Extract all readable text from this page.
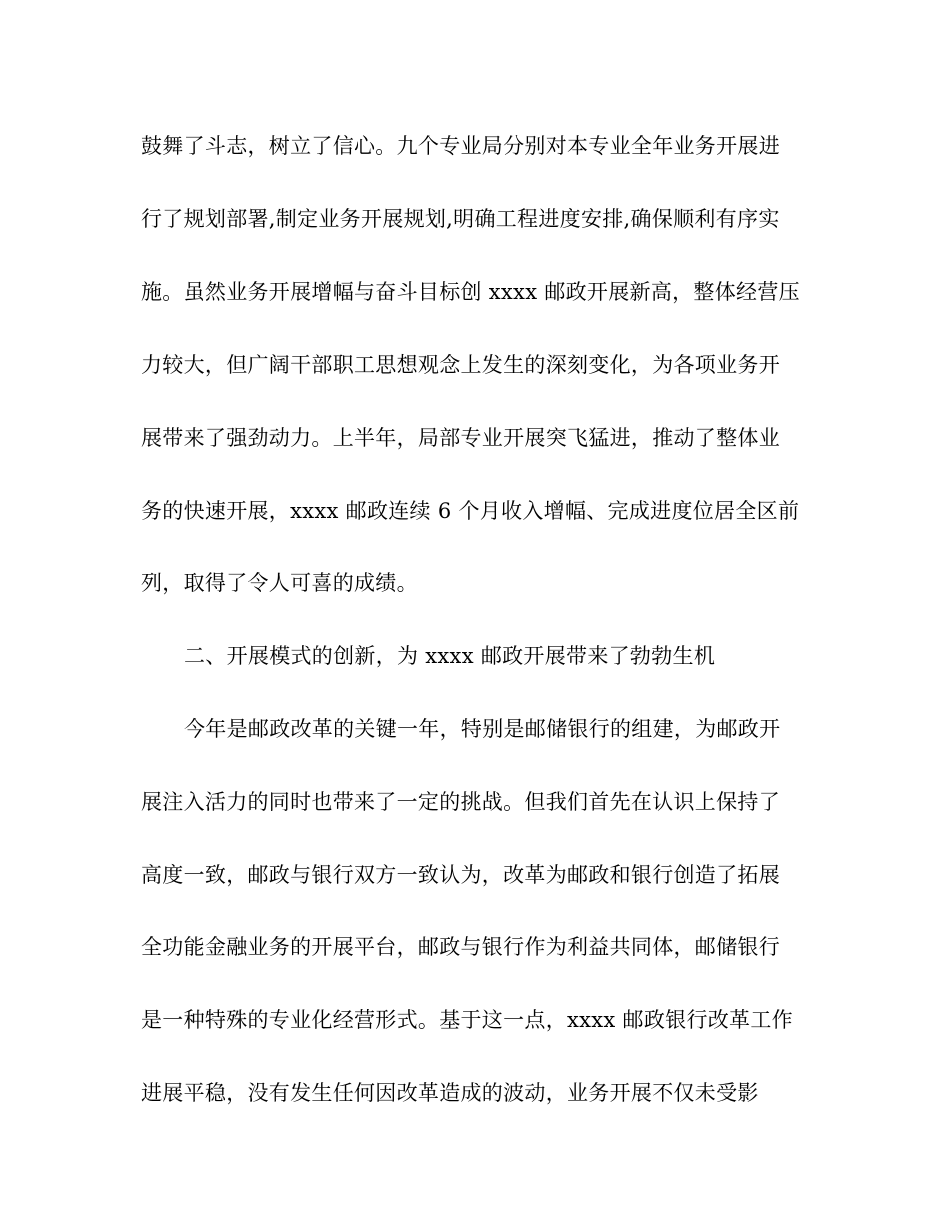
鼓舞了斗志，树立了信心。九个专业局分别对本专业全年业务开展进
行了规划部署,制定业务开展规划,明确工程进度安排,确保顺利有序实
施。虽然业务开展增幅与奋斗目标创 xxxx 邮政开展新高，整体经营压
力较大，但广阔干部职工思想观念上发生的深刻变化，为各项业务开
展带来了强劲动力。上半年，局部专业开展突飞猛进，推动了整体业
务的快速开展，xxxx 邮政连续 6 个月收入增幅、完成进度位居全区前
列，取得了令人可喜的成绩。
二、开展模式的创新，为 xxxx 邮政开展带来了勃勃生机
今年是邮政改革的关键一年，特别是邮储银行的组建，为邮政开
展注入活力的同时也带来了一定的挑战。但我们首先在认识上保持了
高度一致，邮政与银行双方一致认为，改革为邮政和银行创造了拓展
全功能金融业务的开展平台，邮政与银行作为利益共同体，邮储银行
是一种特殊的专业化经营形式。基于这一点，xxxx 邮政银行改革工作
进展平稳，没有发生任何因改革造成的波动，业务开展不仅未受影
